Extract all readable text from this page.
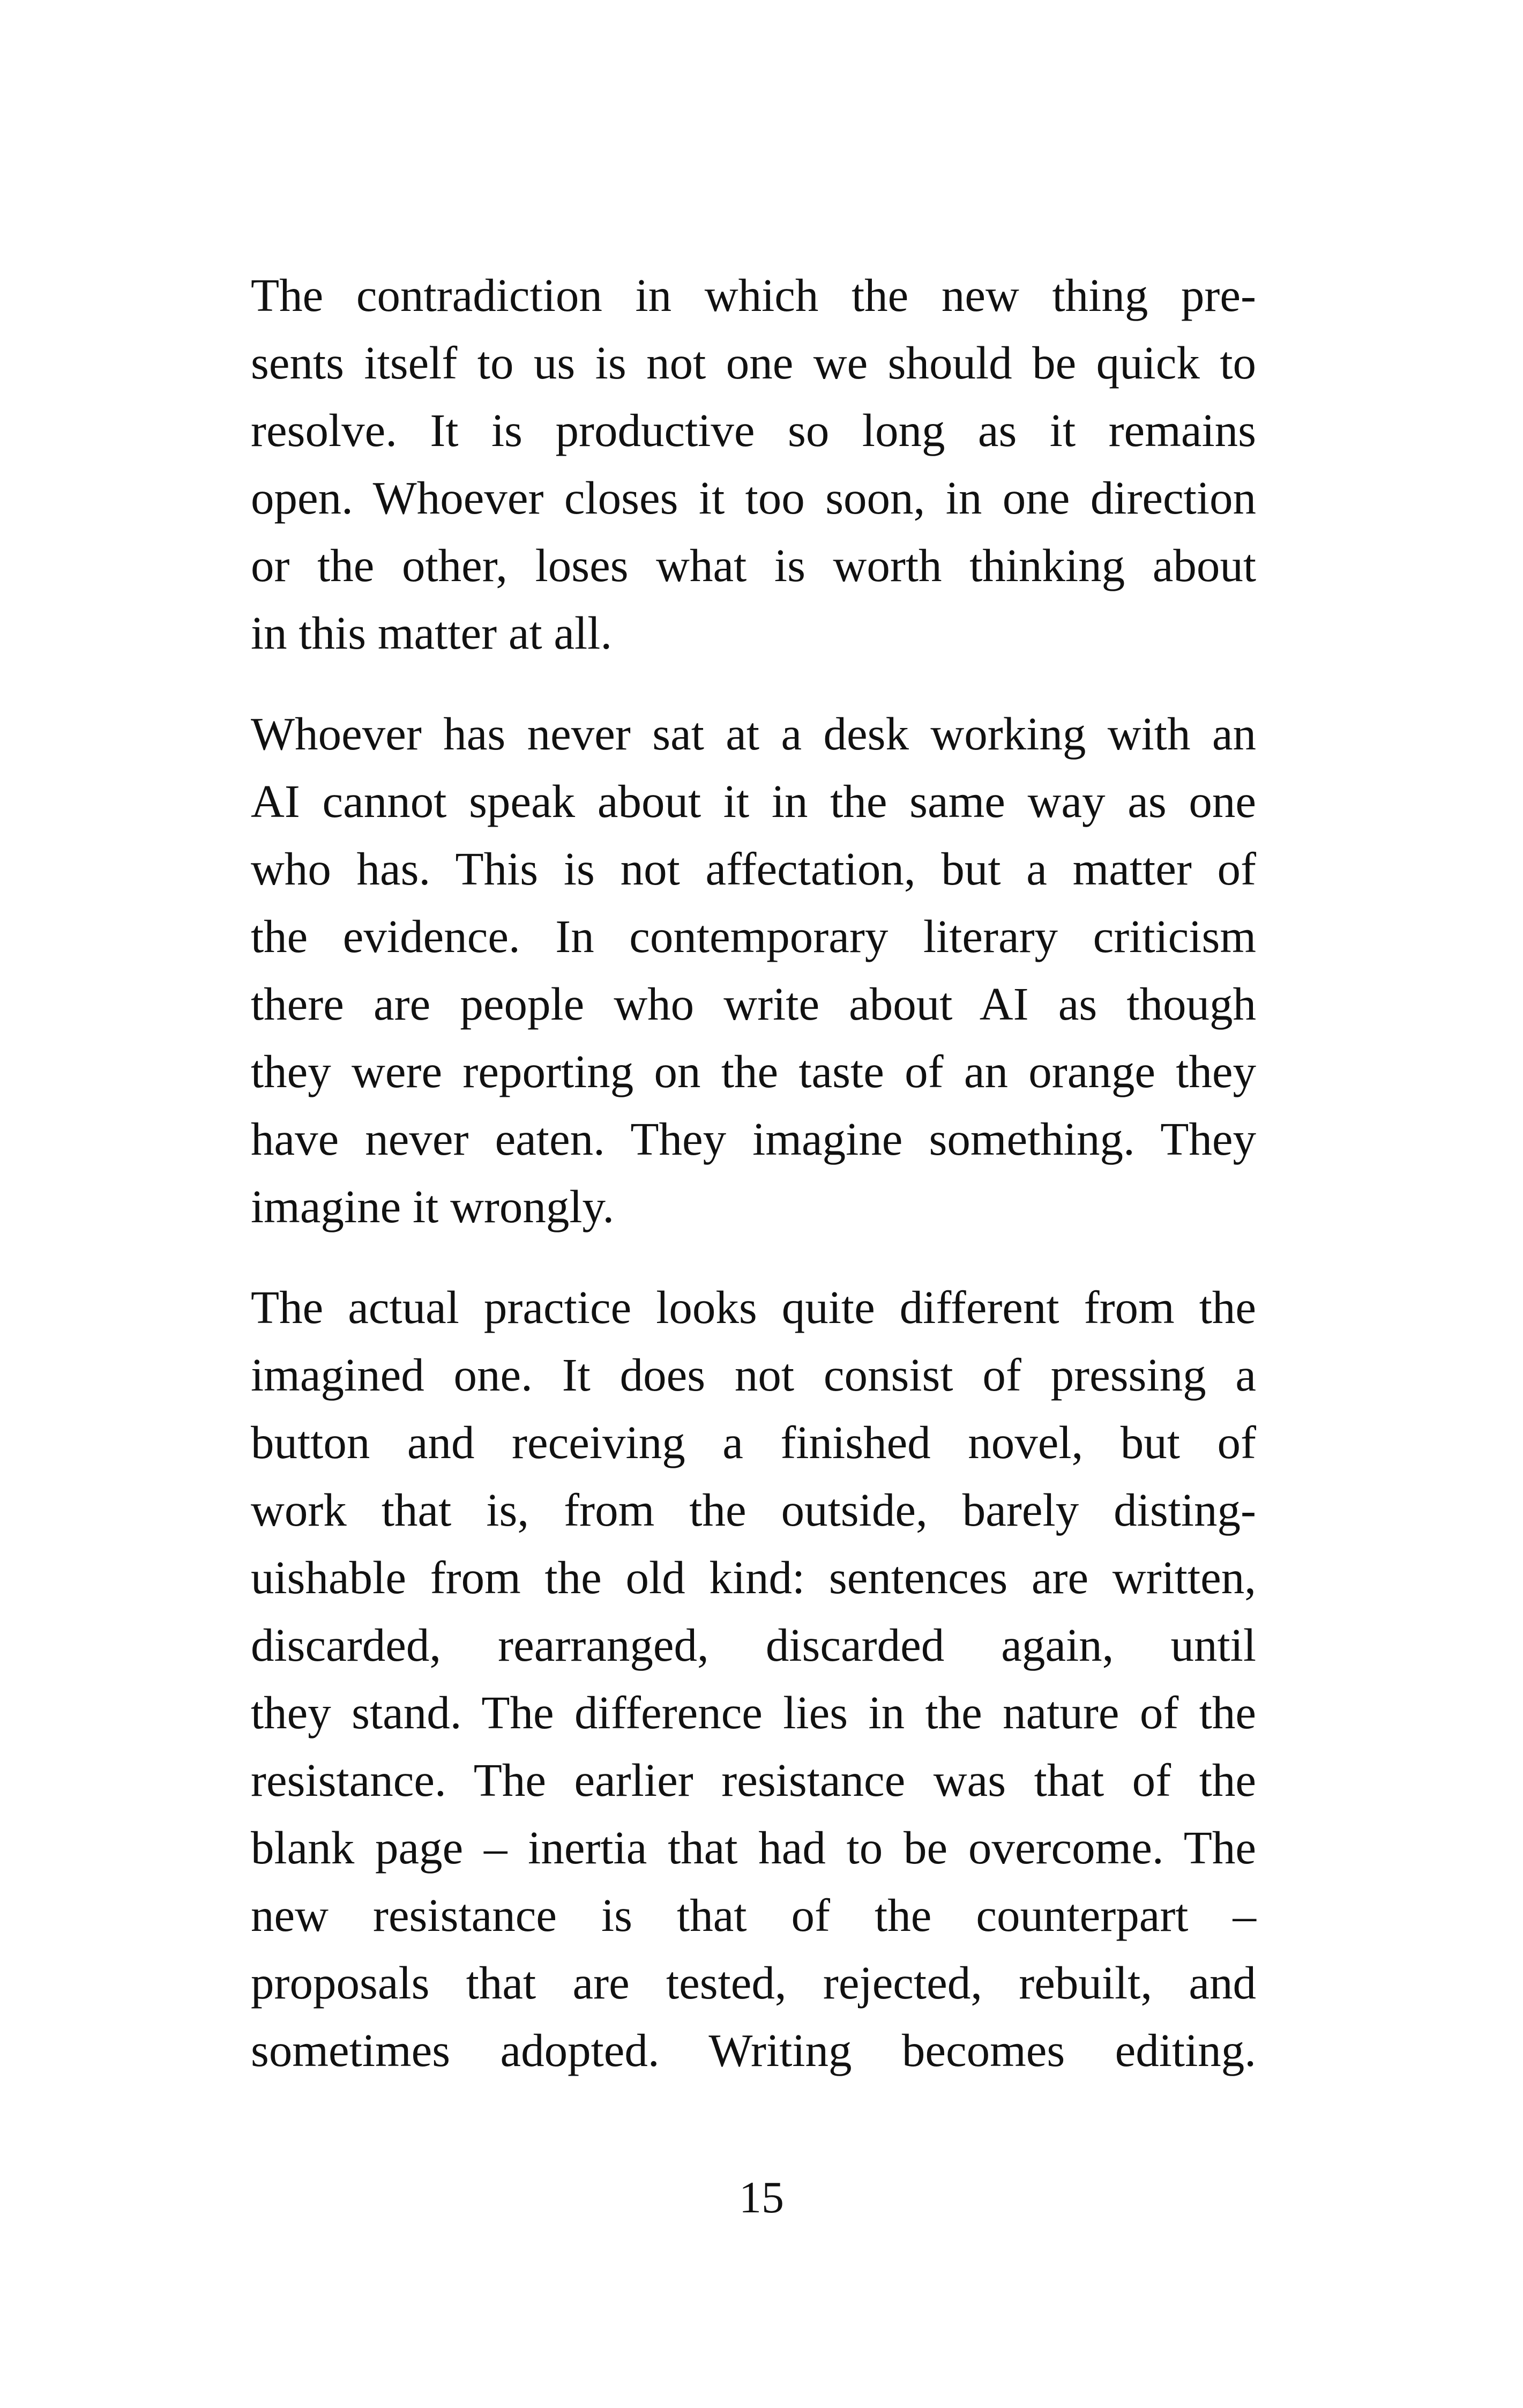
The contradiction in which the new thing pre-
sents itself to us is not one we should be quick to
resolve. It is productive so long as it remains
open. Whoever closes it too soon, in one direction
or the other, loses what is worth thinking about
in this matter at all.
Whoever has never sat at a desk working with an
AI cannot speak about it in the same way as one
who has. This is not affectation, but a matter of
the evidence. In contemporary literary criticism
there are people who write about AI as though
they were reporting on the taste of an orange they
have never eaten. They imagine something. They
imagine it wrongly.
The actual practice looks quite different from the
imagined one. It does not consist of pressing a
button and receiving a finished novel, but of
work that is, from the outside, barely disting-
uishable from the old kind: sentences are written,
discarded, rearranged, discarded again, until
they stand. The difference lies in the nature of the
resistance. The earlier resistance was that of the
blank page – inertia that had to be overcome. The
new resistance is that of the counterpart –
proposals that are tested, rejected, rebuilt, and
sometimes adopted. Writing becomes editing.
15
